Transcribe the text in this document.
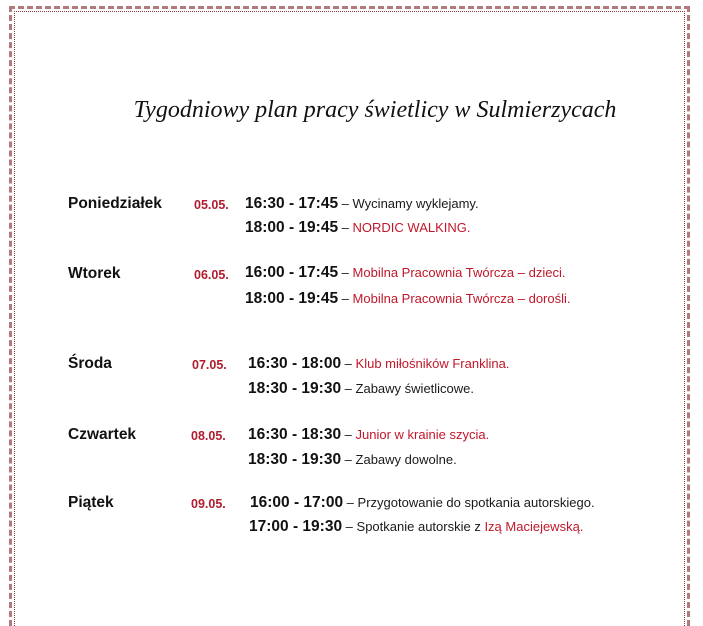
Tygodniowy plan pracy świetlicy w Sulmierzycach
Poniedziałek	05.05. 16:30 - 17:45 – Wycinamy wyklejamy.
18:00 - 19:45 – NORDIC WALKING.
Wtorek	06.05. 16:00 - 17:45 – Mobilna Pracownia Twórcza – dzieci.
18:00 - 19:45 – Mobilna Pracownia Twórcza – dorośli.
Środa	07.05. 16:30 - 18:00 – Klub miłośników Franklina.
18:30 - 19:30 – Zabawy świetlicowe.
Czwartek	08.05. 16:30 - 18:30 – Junior w krainie szycia.
18:30 - 19:30 – Zabawy dowolne.
Piątek	09.05. 16:00 - 17:00 – Przygotowanie do spotkania autorskiego.
17:00 - 19:30 – Spotkanie autorskie z Izą Maciejewską.
